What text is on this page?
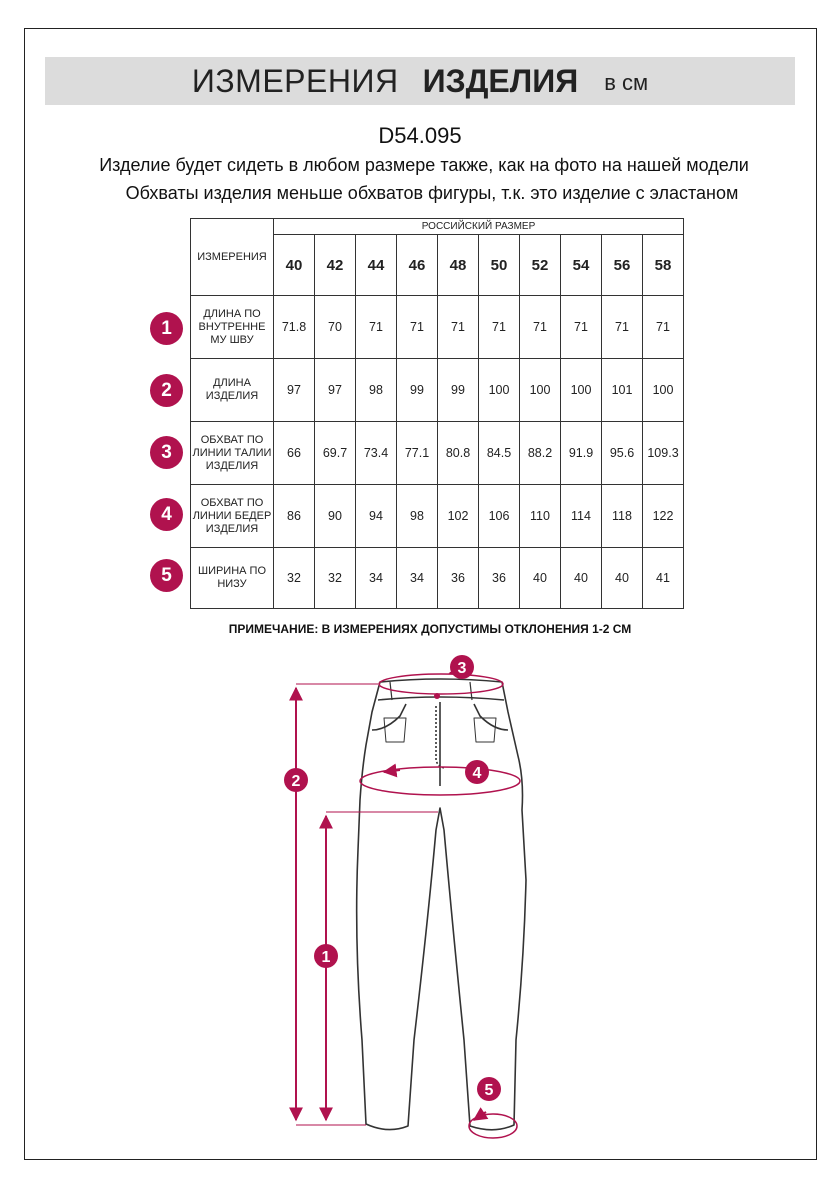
ИЗМЕРЕНИЯ ИЗДЕЛИЯ в см
D54.095
Изделие будет сидеть в любом размере также, как на фото на нашей модели
Обхваты изделия меньше обхватов фигуры, т.к. это изделие с эластаном
ИЗМЕРЕНИЯ	РОССИЙСКИЙ РАЗМЕР									
	40	42	44	46	48	50	52	54	56	58
ДЛИНА ПО ВНУТРЕННЕ МУ ШВУ	71.8	70	71	71	71	71	71	71	71	71
ДЛИНА ИЗДЕЛИЯ	97	97	98	99	99	100	100	100	101	100
ОБХВАТ ПО ЛИНИИ ТАЛИИ ИЗДЕЛИЯ	66	69.7	73.4	77.1	80.8	84.5	88.2	91.9	95.6	109.3
ОБХВАТ ПО ЛИНИИ БЕДЕР ИЗДЕЛИЯ	86	90	94	98	102	106	110	114	118	122
ШИРИНА ПО НИЗУ	32	32	34	34	36	36	40	40	40	41
1
2
3
4
5
ПРИМЕЧАНИЕ: В ИЗМЕРЕНИЯХ ДОПУСТИМЫ ОТКЛОНЕНИЯ 1-2 СМ
1
2
3
4
5
